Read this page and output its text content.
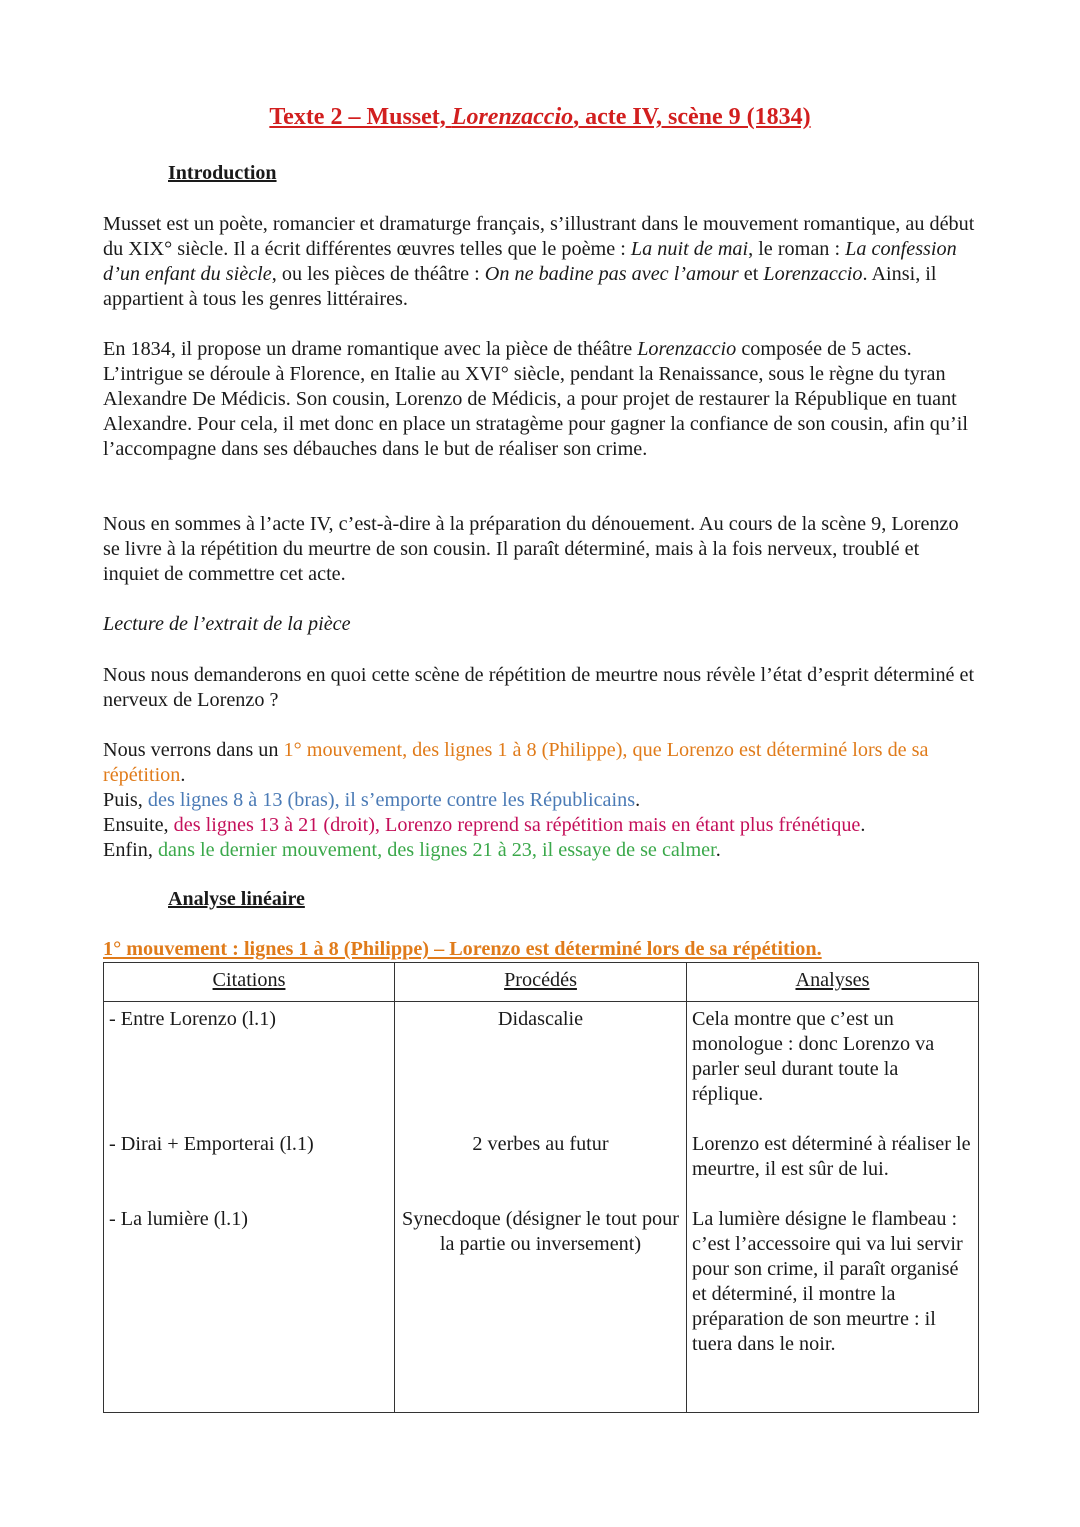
Texte 2 – Musset, Lorenzaccio, acte IV, scène 9 (1834)
Introduction

Musset est un poète, romancier et dramaturge français, s’illustrant dans le mouvement romantique, au début du XIX° siècle. Il a écrit différentes œuvres telles que le poème : La nuit de mai, le roman : La confession d’un enfant du siècle, ou les pièces de théâtre : On ne badine pas avec l’amour et Lorenzaccio. Ainsi, il appartient à tous les genres littéraires.

En 1834, il propose un drame romantique avec la pièce de théâtre Lorenzaccio composée de 5 actes. L’intrigue se déroule à Florence, en Italie au XVI° siècle, pendant la Renaissance, sous le règne du tyran Alexandre De Médicis. Son cousin, Lorenzo de Médicis, a pour projet de restaurer la République en tuant Alexandre. Pour cela, il met donc en place un stratagème pour gagner la confiance de son cousin, afin qu’il l’accompagne dans ses débauches dans le but de réaliser son crime.

Nous en sommes à l’acte IV, c’est-à-dire à la préparation du dénouement. Au cours de la scène 9, Lorenzo se livre à la répétition du meurtre de son cousin. Il paraît déterminé, mais à la fois nerveux, troublé et inquiet de commettre cet acte.

Lecture de l’extrait de la pièce

Nous nous demanderons en quoi cette scène de répétition de meurtre nous révèle l’état d’esprit déterminé et nerveux de Lorenzo ?

Nous verrons dans un 1° mouvement, des lignes 1 à 8 (Philippe), que Lorenzo est déterminé lors de sa répétition.
Puis, des lignes 8 à 13 (bras), il s’emporte contre les Républicains.
Ensuite, des lignes 13 à 21 (droit), Lorenzo reprend sa répétition mais en étant plus frénétique.
Enfin, dans le dernier mouvement, des lignes 21 à 23, il essaye de se calmer.

Analyse linéaire
1° mouvement : lignes 1 à 8 (Philippe) – Lorenzo est déterminé lors de sa répétition.
Citations	Procédés	Analyses
- Entre Lorenzo (l.1)	Didascalie	Cela montre que c’est un monologue : donc Lorenzo va parler seul durant toute la réplique.
- Dirai + Emporterai (l.1)	2 verbes au futur	Lorenzo est déterminé à réaliser le meurtre, il est sûr de lui.
- La lumière (l.1)	Synecdoque (désigner le tout pour la partie ou inversement)	La lumière désigne le flambeau : c’est l’accessoire qui va lui servir pour son crime, il paraît organisé et déterminé, il montre la préparation de son meurtre : il tuera dans le noir.
